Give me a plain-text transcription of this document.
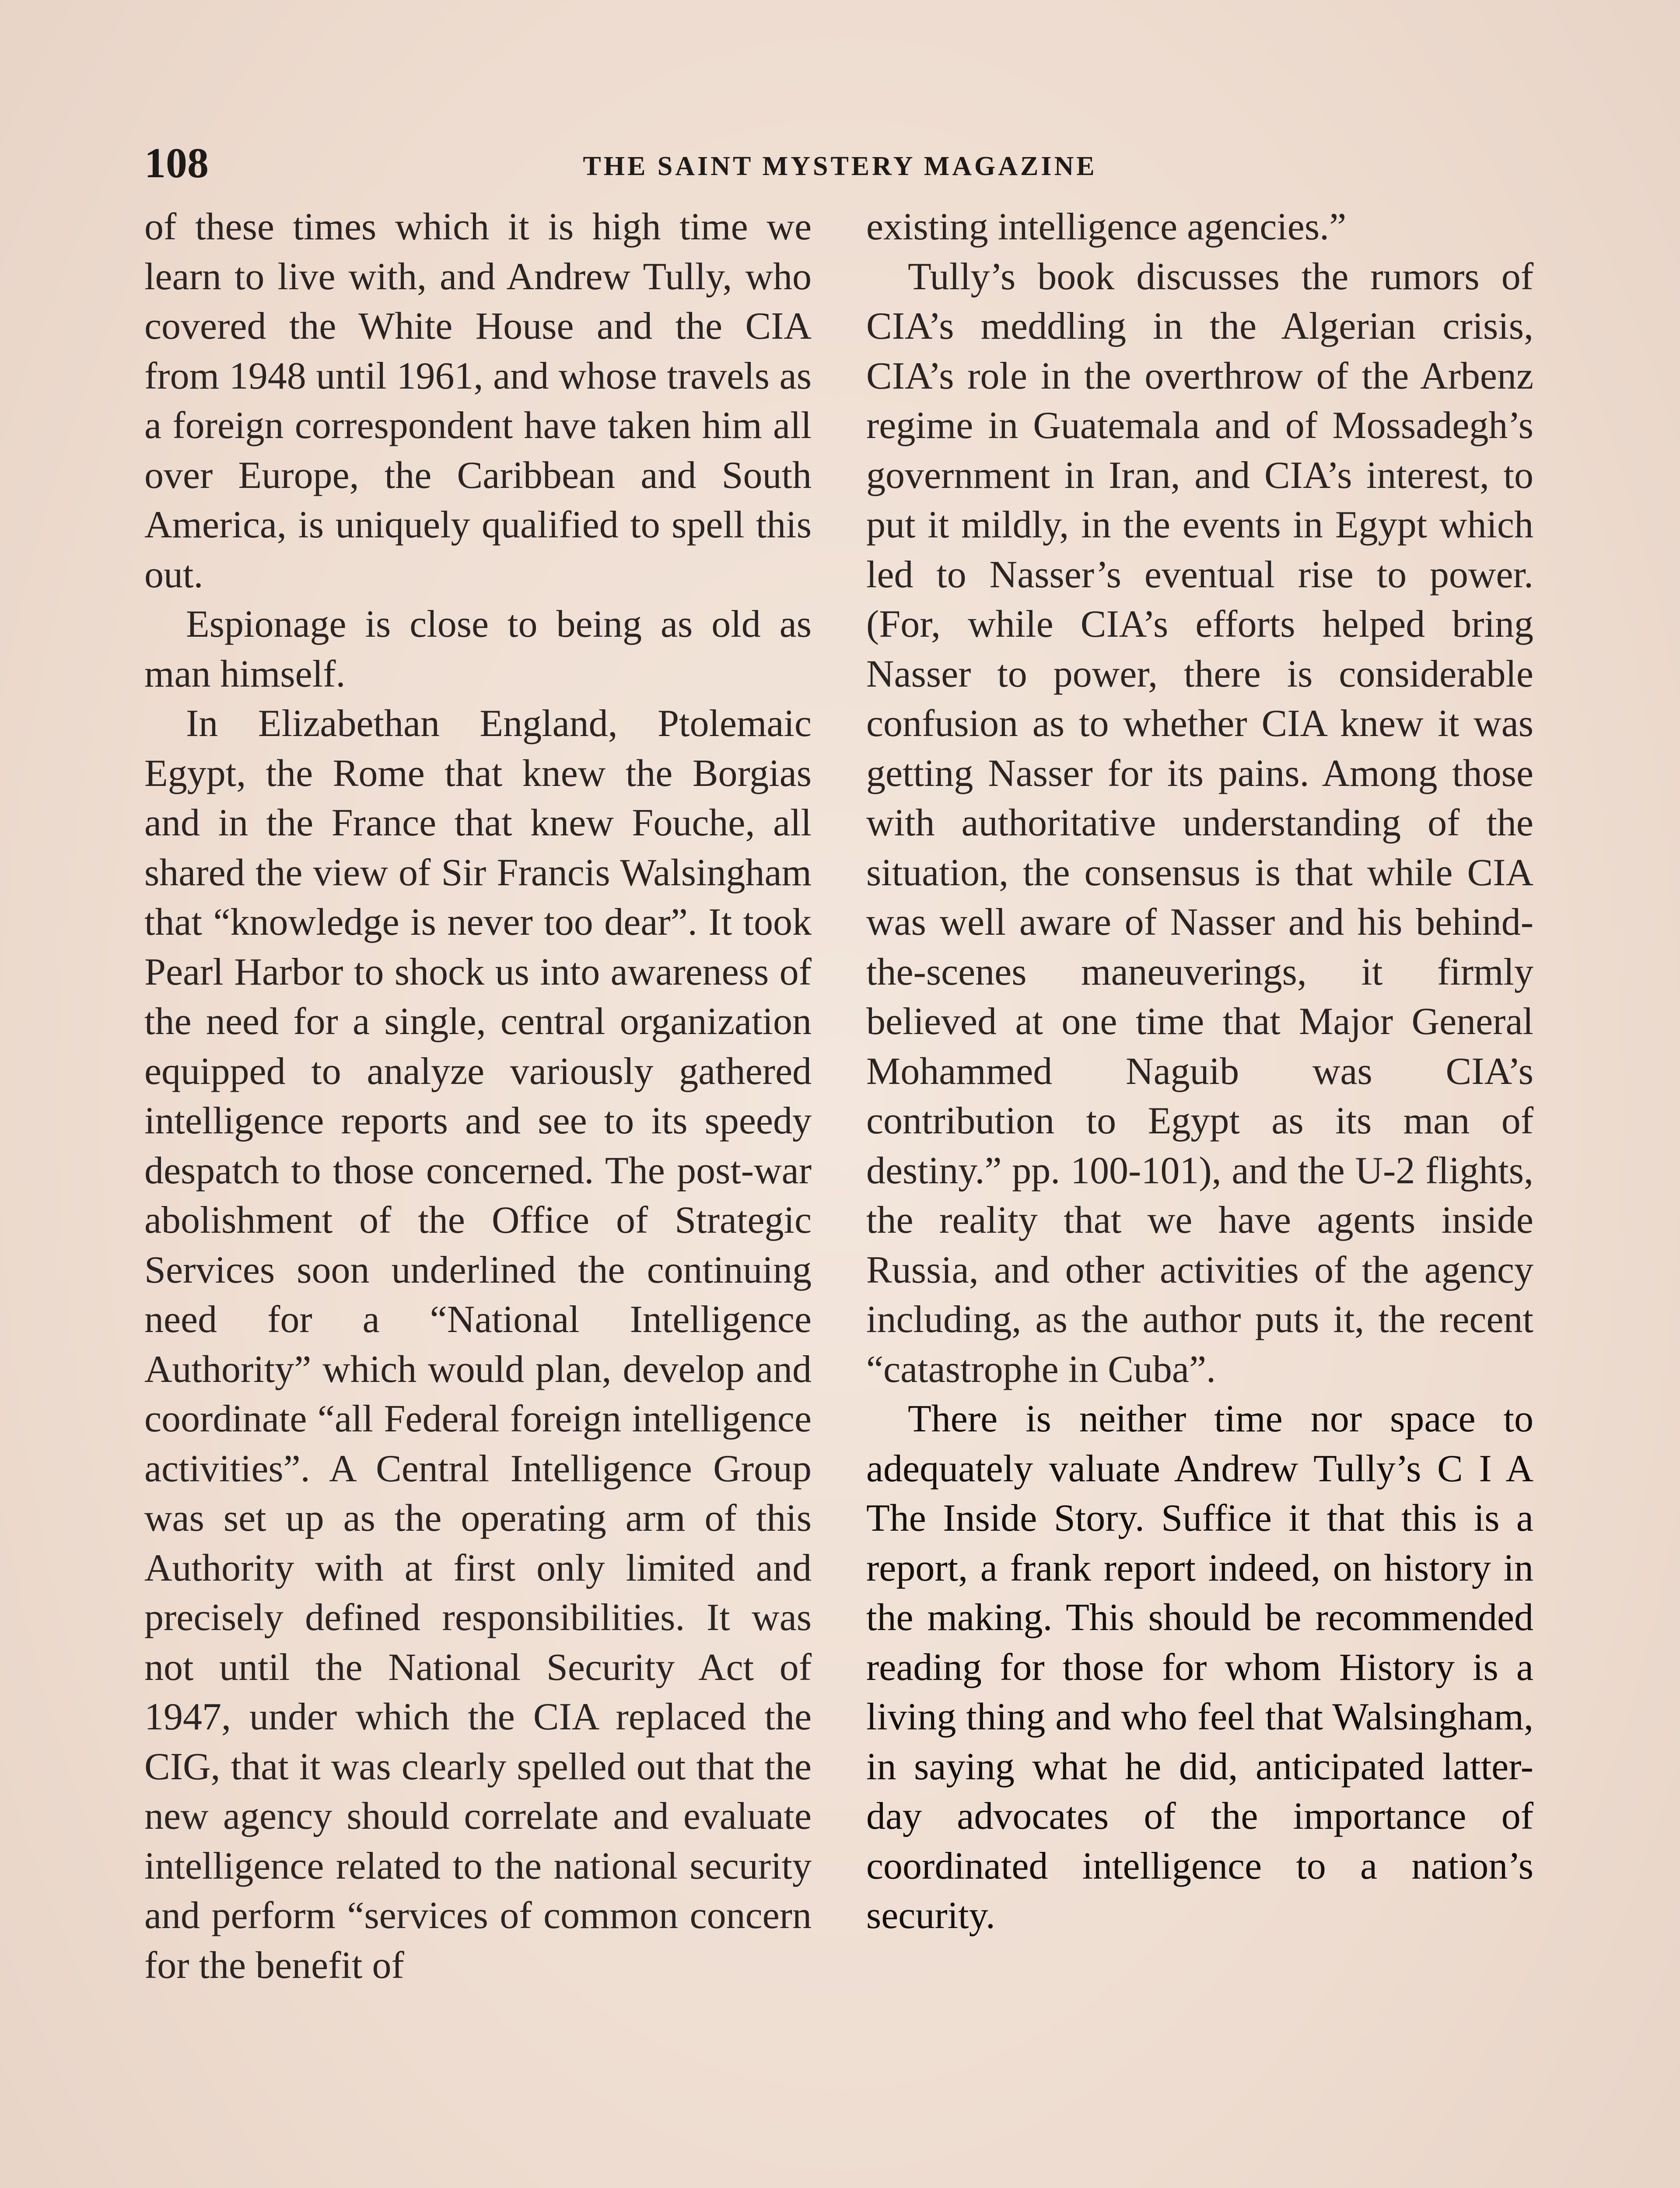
108	THE SAINT MYSTERY MAGAZINE

of these times which it is high time we learn to live with, and Andrew Tully, who covered the White House and the CIA from 1948 until 1961, and whose travels as a foreign correspondent have taken him all over Europe, the Caribbean and South America, is uniquely qualified to spell this out.

Espionage is close to being as old as man himself.

In Elizabethan England, Ptolemaic Egypt, the Rome that knew the Borgias and in the France that knew Fouche, all shared the view of Sir Francis Walsingham that “knowledge is never too dear”. It took Pearl Harbor to shock us into awareness of the need for a single, central organization equipped to analyze variously gathered intelligence reports and see to its speedy despatch to those concerned. The post-war abolishment of the Office of Strategic Services soon underlined the continuing need for a “National Intelligence Authority” which would plan, develop and coordinate “all Federal foreign intelligence activities”. A Central Intelligence Group was set up as the operating arm of this Authority with at first only limited and precisely defined responsibilities. It was not until the National Security Act of 1947, under which the CIA replaced the CIG, that it was clearly spelled out that the new agency should correlate and evaluate intelligence related to the national security and perform “services of common concern for the benefit of

existing intelligence agencies.”

Tully’s book discusses the rumors of CIA’s meddling in the Algerian crisis, CIA’s role in the overthrow of the Arbenz regime in Guatemala and of Mossadegh’s government in Iran, and CIA’s interest, to put it mildly, in the events in Egypt which led to Nasser’s eventual rise to power. (For, while CIA’s efforts helped bring Nasser to power, there is considerable confusion as to whether CIA knew it was getting Nasser for its pains. Among those with authoritative understanding of the situation, the consensus is that while CIA was well aware of Nasser and his behind-the-scenes maneuverings, it firmly believed at one time that Major General Mohammed Naguib was CIA’s contribution to Egypt as its man of destiny.” pp. 100-101), and the U-2 flights, the reality that we have agents inside Russia, and other activities of the agency including, as the author puts it, the recent “catastrophe in Cuba”.

There is neither time nor space to adequately valuate Andrew Tully’s C I A The Inside Story. Suffice it that this is a report, a frank report indeed, on history in the making. This should be recommended reading for those for whom History is a living thing and who feel that Walsingham, in saying what he did, anticipated latter-day advocates of the importance of coordinated intelligence to a nation’s security.
